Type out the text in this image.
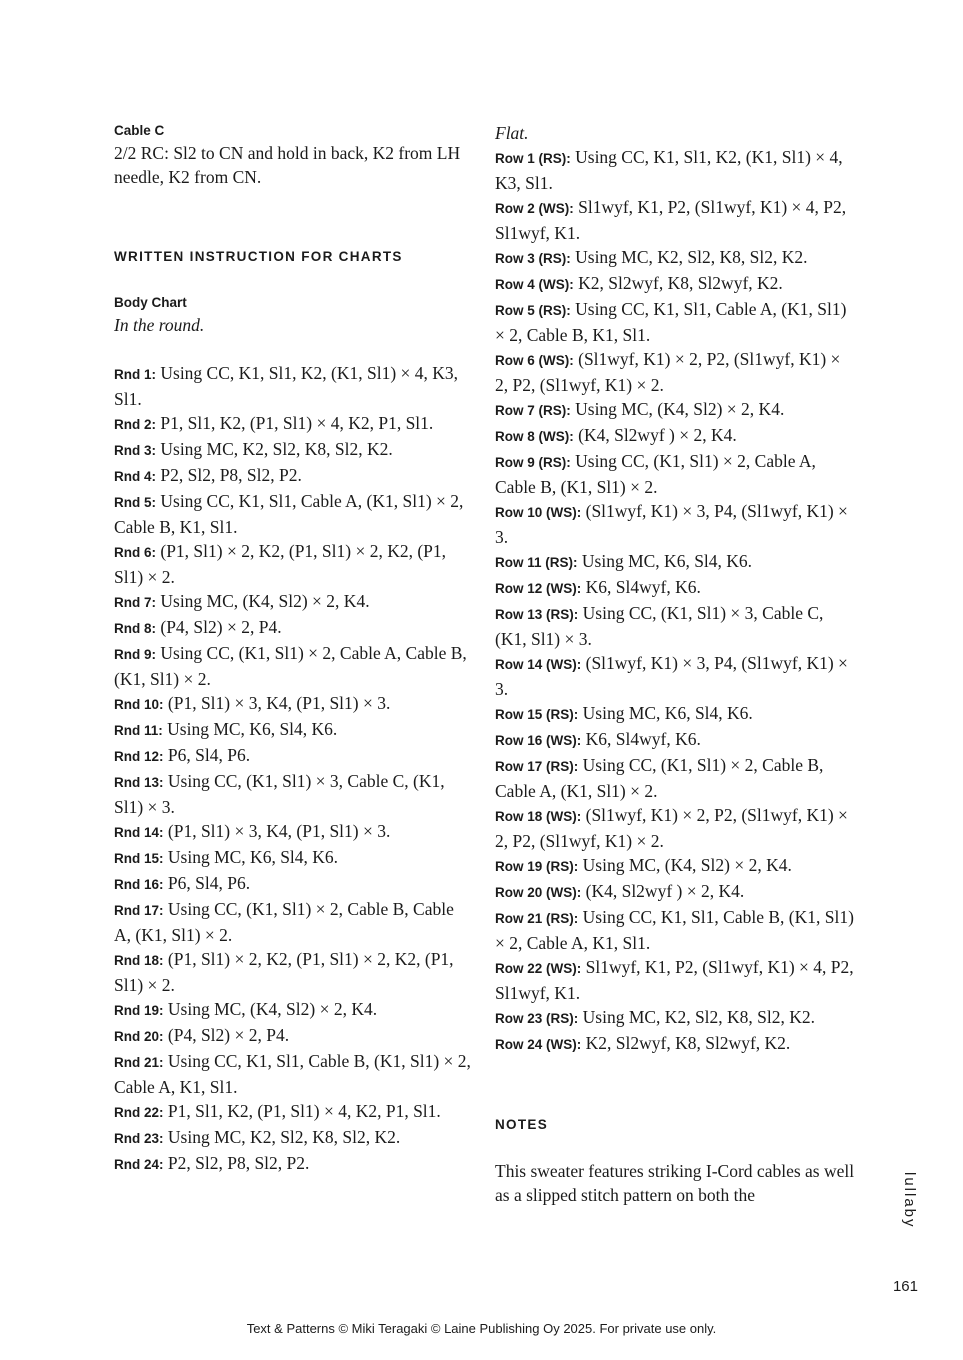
Cable C

2/2 RC: Sl2 to CN and hold in back, K2 from LH needle, K2 from CN.

WRITTEN INSTRUCTION FOR CHARTS

Body Chart

In the round.

Rnd 1: Using CC, K1, Sl1, K2, (K1, Sl1) × 4, K3, Sl1.

Rnd 2: P1, Sl1, K2, (P1, Sl1) × 4, K2, P1, Sl1.

Rnd 3: Using MC, K2, Sl2, K8, Sl2, K2.

Rnd 4: P2, Sl2, P8, Sl2, P2.

Rnd 5: Using CC, K1, Sl1, Cable A, (K1, Sl1) × 2, Cable B, K1, Sl1.

Rnd 6: (P1, Sl1) × 2, K2, (P1, Sl1) × 2, K2, (P1, Sl1) × 2.

Rnd 7: Using MC, (K4, Sl2) × 2, K4.

Rnd 8: (P4, Sl2) × 2, P4.

Rnd 9: Using CC, (K1, Sl1) × 2, Cable A, Cable B, (K1, Sl1) × 2.

Rnd 10: (P1, Sl1) × 3, K4, (P1, Sl1) × 3.

Rnd 11: Using MC, K6, Sl4, K6.

Rnd 12: P6, Sl4, P6.

Rnd 13: Using CC, (K1, Sl1) × 3, Cable C, (K1, Sl1) × 3.

Rnd 14: (P1, Sl1) × 3, K4, (P1, Sl1) × 3.

Rnd 15: Using MC, K6, Sl4, K6.

Rnd 16: P6, Sl4, P6.

Rnd 17: Using CC, (K1, Sl1) × 2, Cable B, Cable A, (K1, Sl1) × 2.

Rnd 18: (P1, Sl1) × 2, K2, (P1, Sl1) × 2, K2, (P1, Sl1) × 2.

Rnd 19: Using MC, (K4, Sl2) × 2, K4.

Rnd 20: (P4, Sl2) × 2, P4.

Rnd 21: Using CC, K1, Sl1, Cable B, (K1, Sl1) × 2, Cable A, K1, Sl1.

Rnd 22: P1, Sl1, K2, (P1, Sl1) × 4, K2, P1, Sl1.

Rnd 23: Using MC, K2, Sl2, K8, Sl2, K2.

Rnd 24: P2, Sl2, P8, Sl2, P2.

Flat.

Row 1 (RS): Using CC, K1, Sl1, K2, (K1, Sl1) × 4, K3, Sl1.

Row 2 (WS): Sl1wyf, K1, P2, (Sl1wyf, K1) × 4, P2, Sl1wyf, K1.

Row 3 (RS): Using MC, K2, Sl2, K8, Sl2, K2.

Row 4 (WS): K2, Sl2wyf, K8, Sl2wyf, K2.

Row 5 (RS): Using CC, K1, Sl1, Cable A, (K1, Sl1) × 2, Cable B, K1, Sl1.

Row 6 (WS): (Sl1wyf, K1) × 2, P2, (Sl1wyf, K1) × 2, P2, (Sl1wyf, K1) × 2.

Row 7 (RS): Using MC, (K4, Sl2) × 2, K4.

Row 8 (WS): (K4, Sl2wyf ) × 2, K4.

Row 9 (RS): Using CC, (K1, Sl1) × 2, Cable A, Cable B, (K1, Sl1) × 2.

Row 10 (WS): (Sl1wyf, K1) × 3, P4, (Sl1wyf, K1) × 3.

Row 11 (RS): Using MC, K6, Sl4, K6.

Row 12 (WS): K6, Sl4wyf, K6.

Row 13 (RS): Using CC, (K1, Sl1) × 3, Cable C, (K1, Sl1) × 3.

Row 14 (WS): (Sl1wyf, K1) × 3, P4, (Sl1wyf, K1) × 3.

Row 15 (RS): Using MC, K6, Sl4, K6.

Row 16 (WS): K6, Sl4wyf, K6.

Row 17 (RS): Using CC, (K1, Sl1) × 2, Cable B, Cable A, (K1, Sl1) × 2.

Row 18 (WS): (Sl1wyf, K1) × 2, P2, (Sl1wyf, K1) × 2, P2, (Sl1wyf, K1) × 2.

Row 19 (RS): Using MC, (K4, Sl2) × 2, K4.

Row 20 (WS): (K4, Sl2wyf ) × 2, K4.

Row 21 (RS): Using CC, K1, Sl1, Cable B, (K1, Sl1) × 2, Cable A, K1, Sl1.

Row 22 (WS): Sl1wyf, K1, P2, (Sl1wyf, K1) × 4, P2, Sl1wyf, K1.

Row 23 (RS): Using MC, K2, Sl2, K8, Sl2, K2.

Row 24 (WS): K2, Sl2wyf, K8, Sl2wyf, K2.

NOTES

This sweater features striking I-Cord cables as well as a slipped stitch pattern on both the	lullaby
161
Text & Patterns © Miki Teragaki © Laine Publishing Oy 2025. For private use only.
